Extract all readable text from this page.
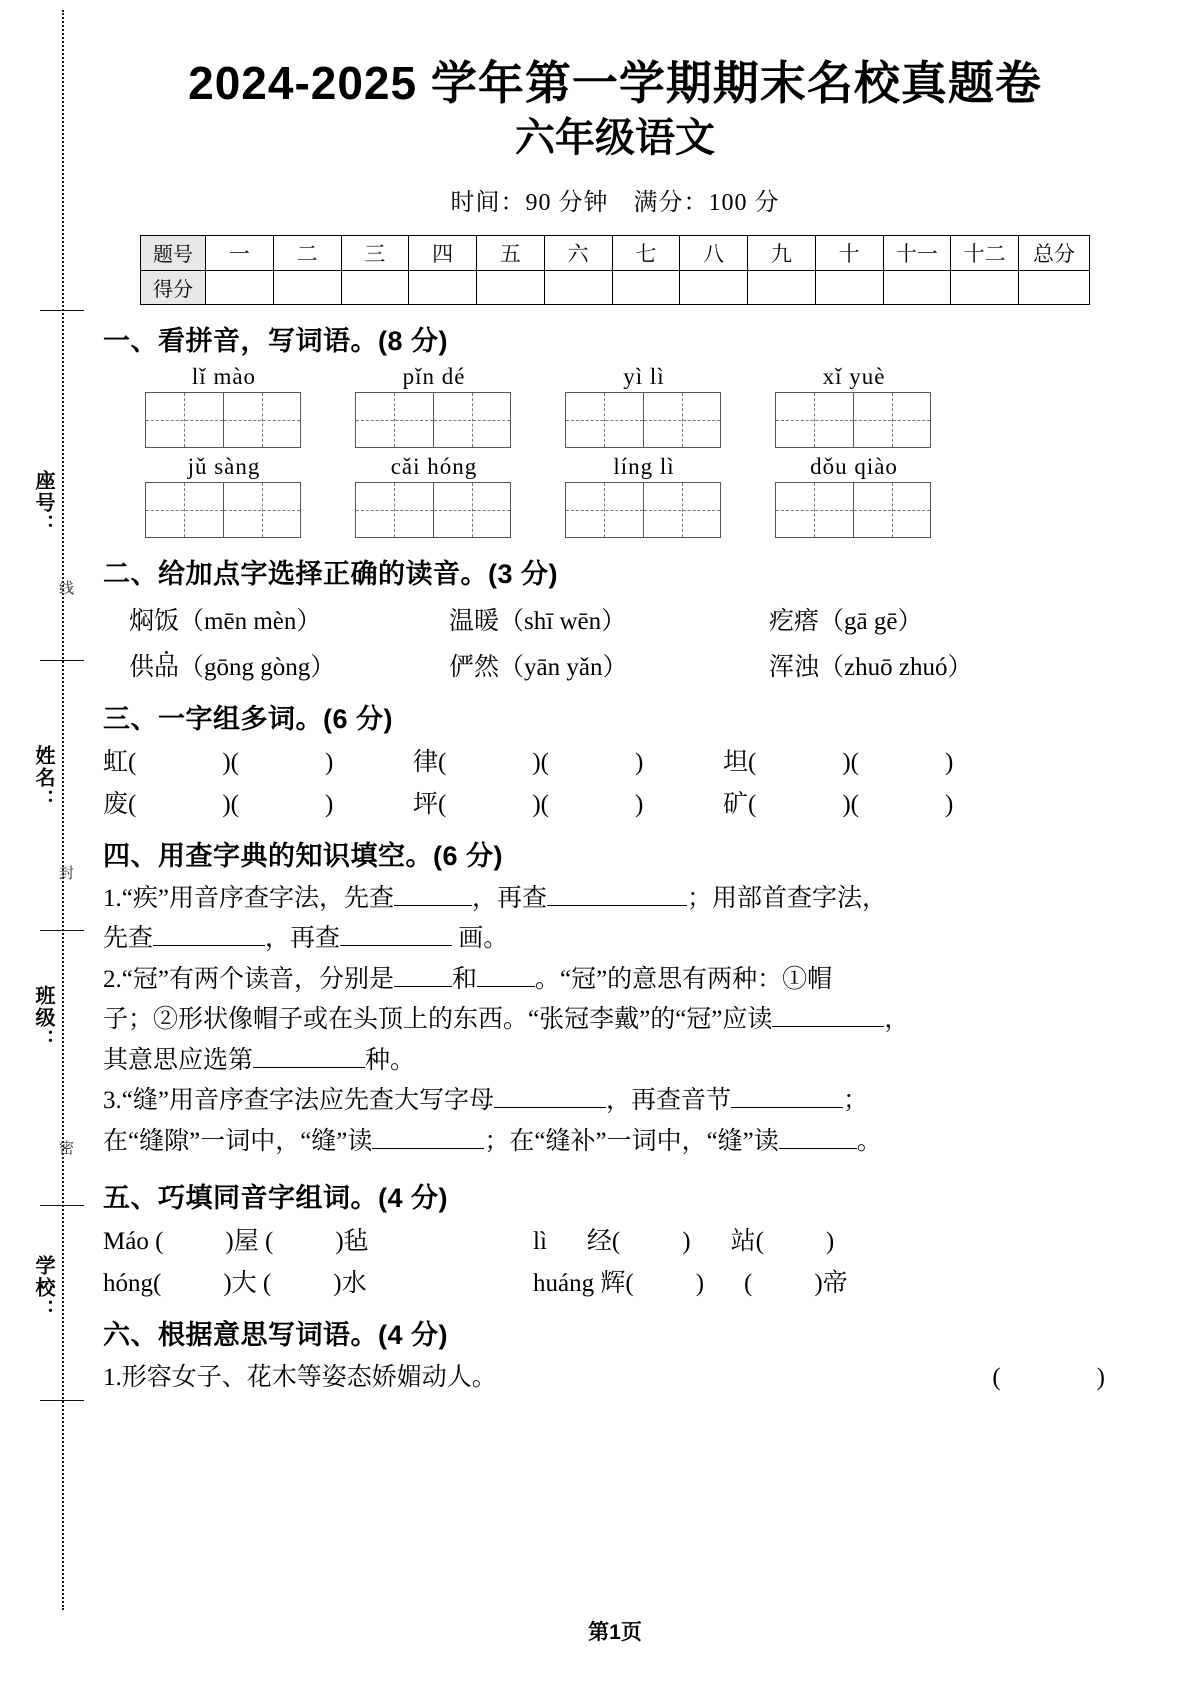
座号：
线
姓名：
封
班级：
密
学校：
2024-2025 学年第一学期期末名校真题卷
六年级语文
时间：90 分钟　满分：100 分
题号	一	二	三	四	五	六	七	八	九	十	十一	十二	总分
得分													
一、看拼音，写词语。(8 分)
lǐ mào	pǐn dé	yì lì	xǐ yuè
jǔ sàng	cǎi hóng	líng lì	dǒu qiào
二、给加点字选择正确的读音。(3 分)
焖饭（mēn mèn）	温暖（shī wēn）	疙瘩（gā gē）
供品（gōng gòng）	俨然（yān yǎn）	浑浊（zhuō zhuó）
三、一字组多词。(6 分)
虹(	)(	)	律(	)(	)	坦(	)(	)
废(	)(	)	坪(	)(	)	矿(	)(	)
四、用查字典的知识填空。(6 分)
1.“疾”用音序查字法，先查	，再查	；用部首查字法，
先查	，再查	画。
2.“冠”有两个读音，分别是 和 。“冠”的意思有两种：①帽
子；②形状像帽子或在头顶上的东西。“张冠李戴”的“冠”应读	，
其意思应选第	种。
3.“缝”用音序查字法应先查大写字母	，再查音节	；
在“缝隙”一词中，“缝”读	；在“缝补”一词中，“缝”读	。
五、巧填同音字组词。(4 分)
Máo ( )屋 ( )毡	lì 经( ) 站( )
hóng( )大 ( )水	huáng 辉( ) ( )帝
六、根据意思写词语。(4 分)
1.形容女子、花木等姿态娇媚动人。	(	)
第1页
